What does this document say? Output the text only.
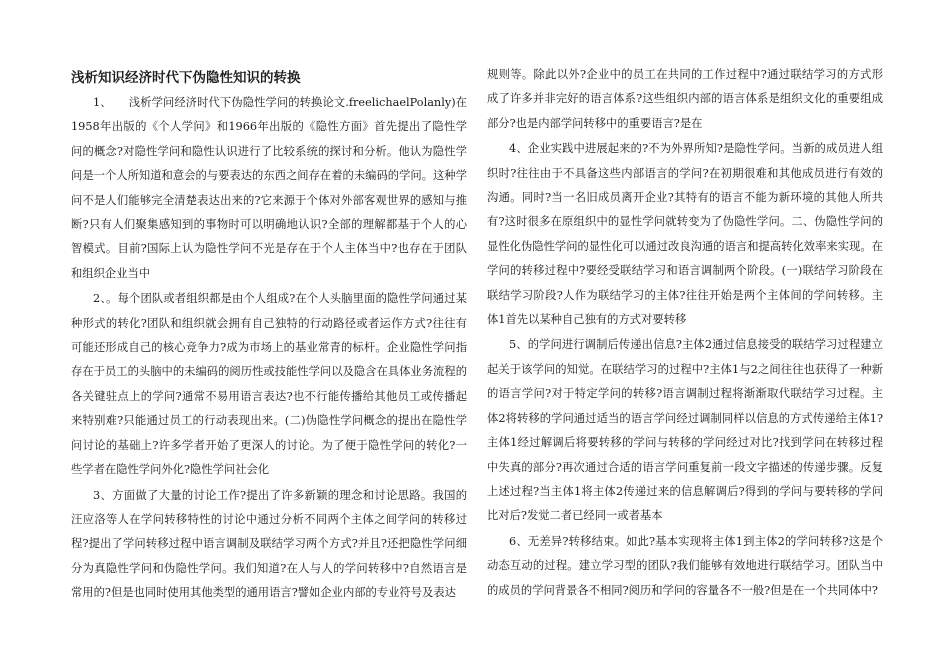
浅析知识经济时代下伪隐性知识的转换

1、　　浅析学问经济时代下伪隐性学问的转换论文.freelichaelPolanly)在1958年出版的《个人学问》和1966年出版的《隐性方面》首先提出了隐性学问的概念?对隐性学问和隐性认识进行了比较系统的探讨和分析。他认为隐性学问是一个人所知道和意会的与要表达的东西之间存在着的未编码的学问。这种学问不是人们能够完全清楚表达出来的?它来源于个体对外部客观世界的感知与推断?只有人们聚集感知到的事物时可以明确地认识?全部的理解都基于个人的心智模式。目前?国际上认为隐性学问不光是存在于个人主体当中?也存在于团队和组织企业当中

2、。每个团队或者组织都是由个人组成?在个人头脑里面的隐性学问通过某种形式的转化?团队和组织就会拥有自己独特的行动路径或者运作方式?往往有可能还形成自己的核心竞争力?成为市场上的基业常青的标杆。企业隐性学问指存在于员工的头脑中的未编码的阅历性或技能性学问以及隐含在具体业务流程的各关键驻点上的学问?通常不易用语言表达?也不行能传播给其他员工或传播起来特别难?只能通过员工的行动表现出来。(二)伪隐性学问概念的提出在隐性学问讨论的基础上?许多学者开始了更深人的讨论。为了便于隐性学问的转化?一些学者在隐性学问外化?隐性学问社会化

3、方面做了大量的讨论工作?提出了许多新颖的理念和讨论思路。我国的汪应洛等人在学问转移特性的讨论中通过分析不同两个主体之间学问的转移过程?提出了学问转移过程中语言调制及联结学习两个方式?并且?还把隐性学问细分为真隐性学问和伪隐性学问。我们知道?在人与人的学问转移中?自然语言是常用的?但是也同时使用其他类型的通用语言?譬如企业内部的专业符号及表达

规则等。除此以外?企业中的员工在共同的工作过程中?通过联结学习的方式形成了许多并非完好的语言体系?这些组织内部的语言体系是组织文化的重要组成部分?也是内部学问转移中的重要语言?是在

4、企业实践中进展起来的?不为外界所知?是隐性学问。当新的成员进人组织时?往往由于不具备这些内部语言的学问?在初期很难和其他成员进行有效的沟通。同时?当一名旧成员离开企业?其特有的语言不能为新环境的其他人所共有?这时很多在原组织中的显性学问就转变为了伪隐性学问。二、伪隐性学问的显性化伪隐性学问的显性化可以通过改良沟通的语言和提高转化效率来实现。在学问的转移过程中?要经受联结学习和语言调制两个阶段。(一)联结学习阶段在联结学习阶段?人作为联结学习的主体?往往开始是两个主体间的学问转移。主体1首先以某种自己独有的方式对要转移

5、的学问进行调制后传递出信息?主体2通过信息接受的联结学习过程建立起关于该学问的知觉。在联结学习的过程中?主体1与2之间往往也获得了一种新的语言学问?对于特定学问的转移?语言调制过程将渐渐取代联结学习过程。主体2将转移的学问通过适当的语言学问经过调制同样以信息的方式传递给主体1?主体1经过解调后将要转移的学问与转移的学问经过对比?找到学问在转移过程中失真的部分?再次通过合适的语言学问重复前一段文字描述的传递步骤。反复上述过程?当主体1将主体2传递过来的信息解调后?得到的学问与要转移的学问比对后?发觉二者已经同一或者基本

6、无差异?转移结束。如此?基本实现将主体1到主体2的学问转移?这是个动态互动的过程。建立学习型的团队?我们能够有效地进行联结学习。团队当中的成员的学问背景各不相同?阅历和学问的容量各不一般?但是在一个共同体中?
